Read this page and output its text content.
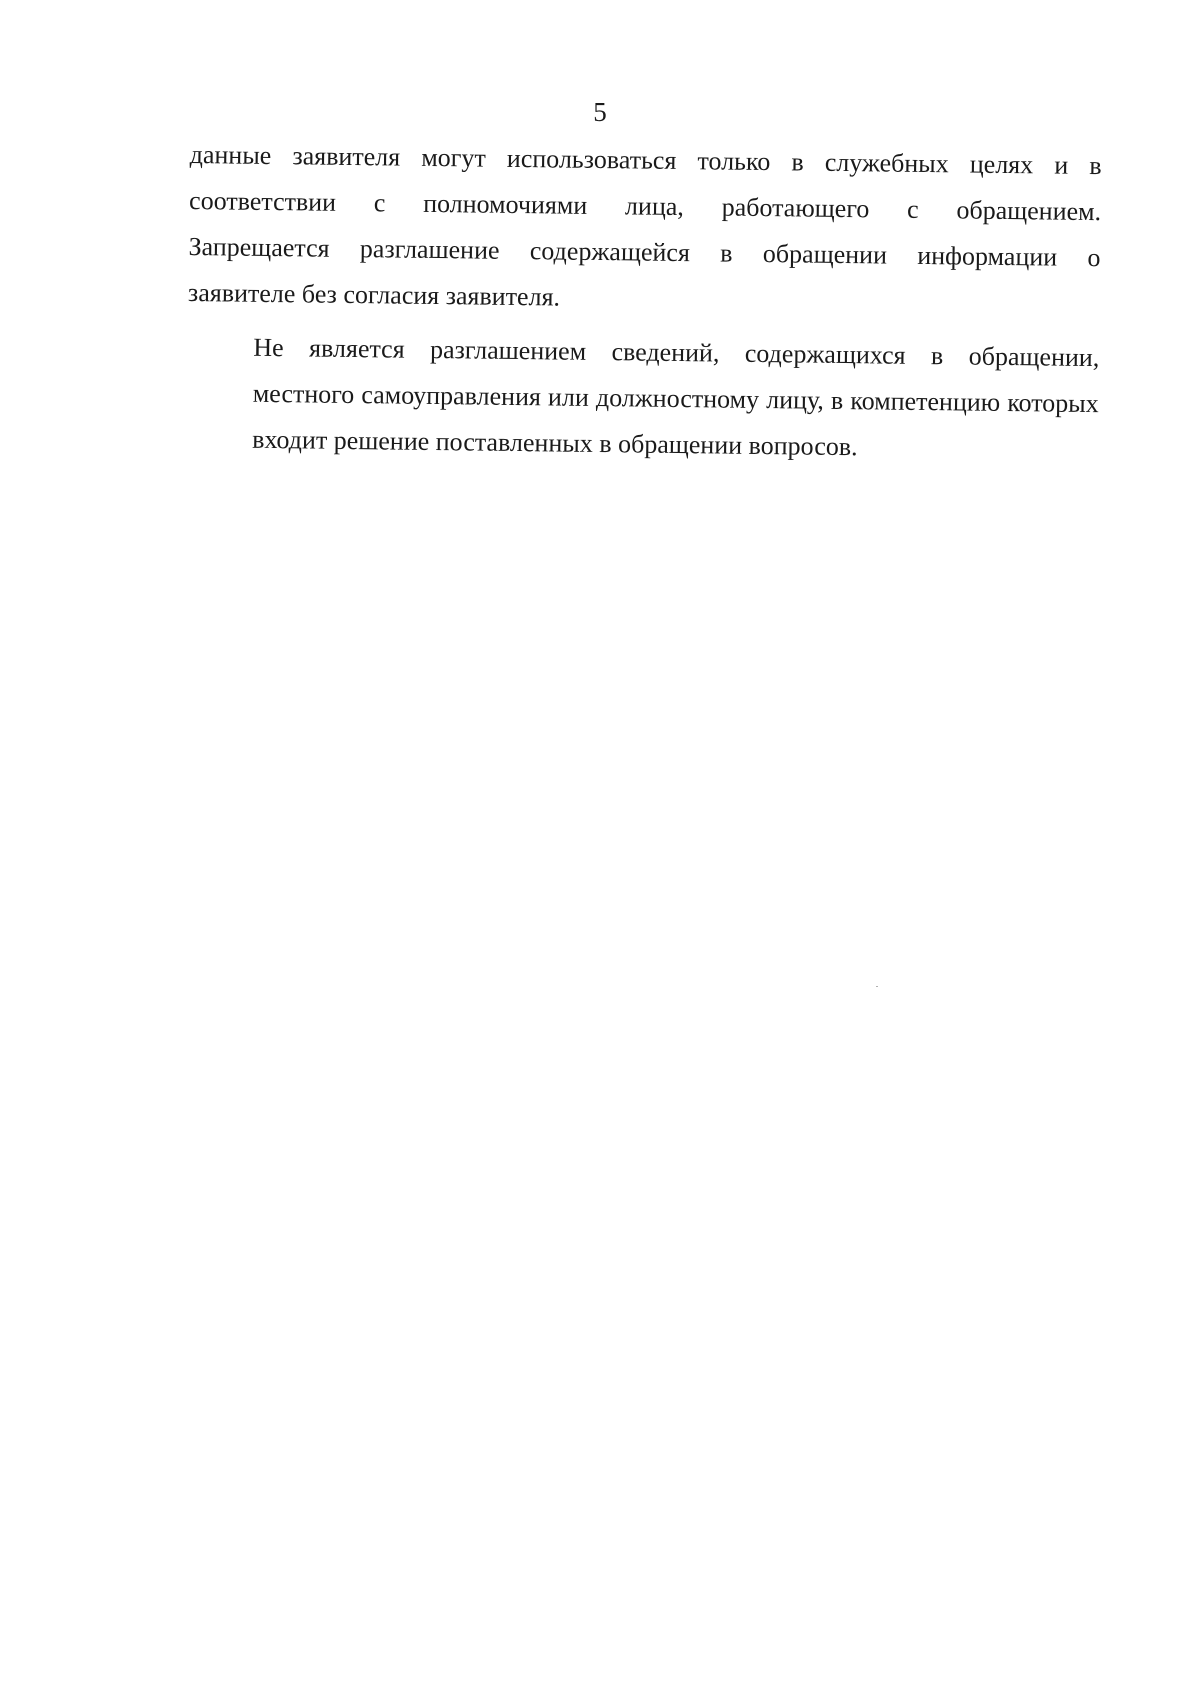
5

данные заявителя могут использоваться только в служебных целях и в
соответствии с полномочиями лица, работающего с обращением.
Запрещается разглашение содержащейся в обращении информации о
заявителе без согласия заявителя.

Не является разглашением сведений, содержащихся в обращении,
местного самоуправления или должностному лицу, в компетенцию которых
входит решение поставленных в обращении вопросов.
